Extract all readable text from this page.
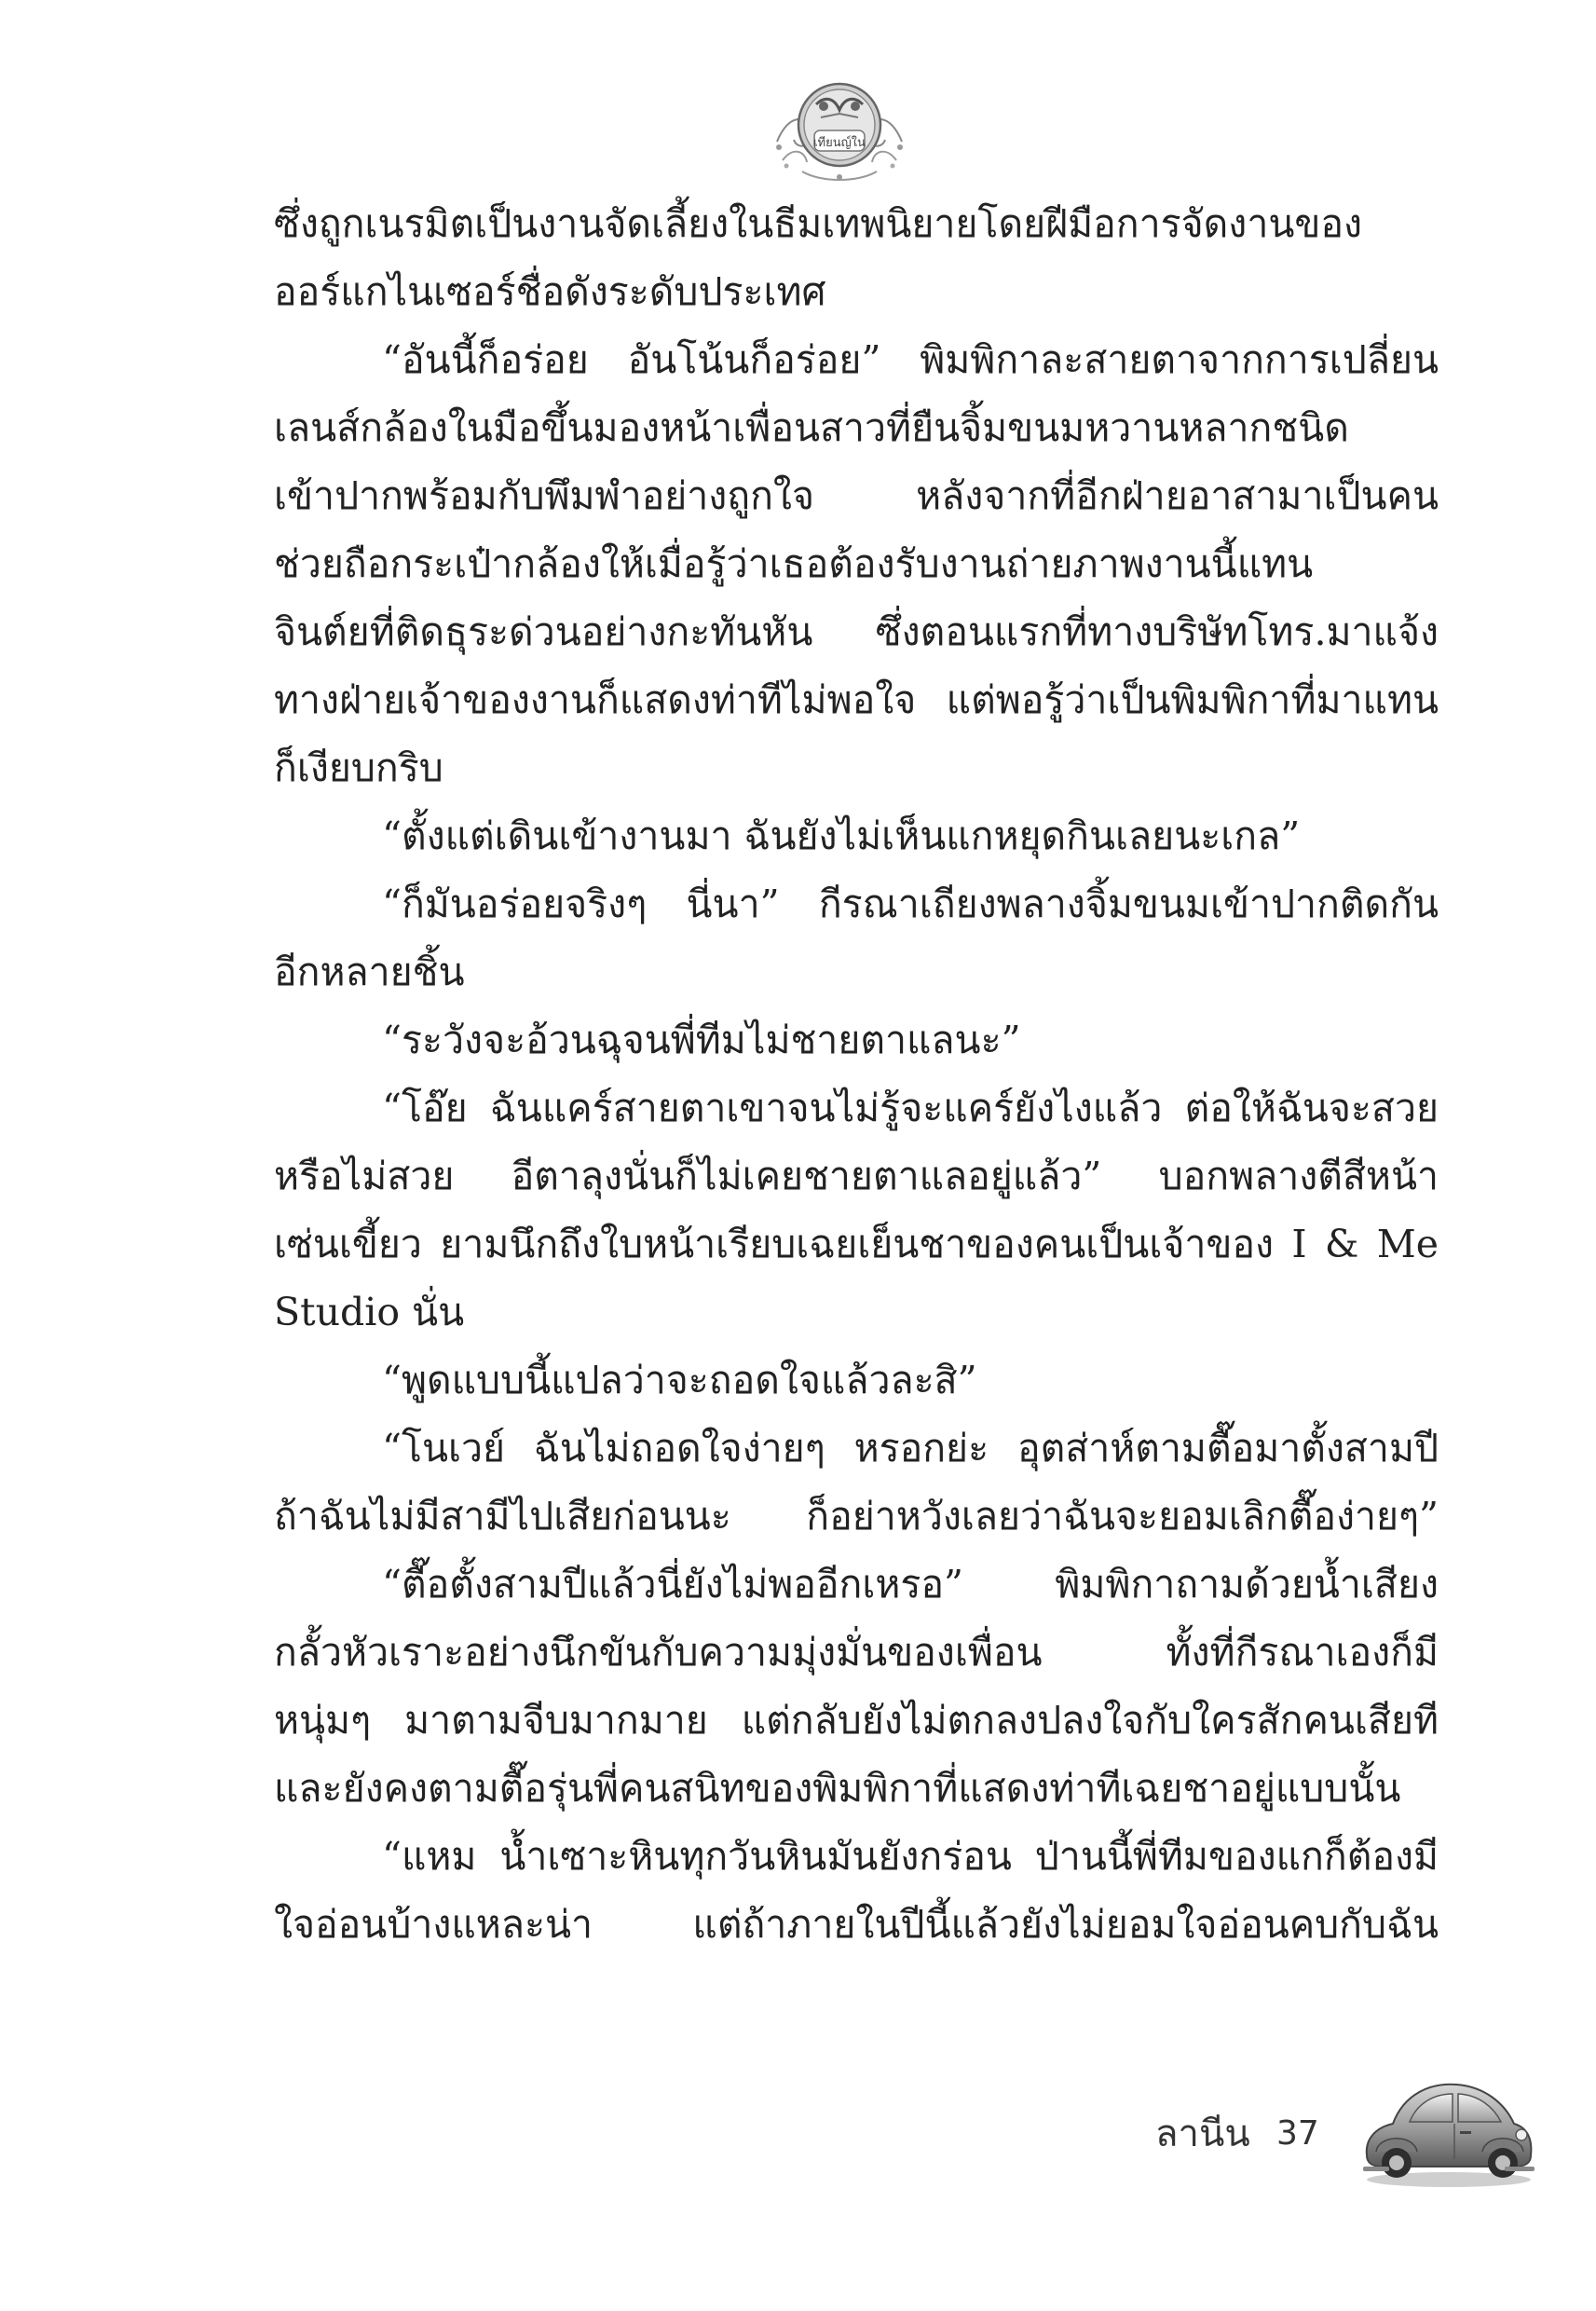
เทียนญ์ใน
ซึ่งถูกเนรมิตเป็นงานจัดเลี้ยงในธีมเทพนิยายโดยฝีมือการจัดงานของ
ออร์แกไนเซอร์ชื่อดังระดับประเทศ
“อันนี้ก็อร่อย อันโน้นก็อร่อย” พิมพิกาละสายตาจากการเปลี่ยน
เลนส์กล้องในมือขึ้นมองหน้าเพื่อนสาวที่ยืนจิ้มขนมหวานหลากชนิด
เข้าปากพร้อมกับพึมพำอย่างถูกใจ หลังจากที่อีกฝ่ายอาสามาเป็นคน
ช่วยถือกระเป๋ากล้องให้เมื่อรู้ว่าเธอต้องรับงานถ่ายภาพงานนี้แทน
จินต์ยที่ติดธุระด่วนอย่างกะทันหัน ซึ่งตอนแรกที่ทางบริษัทโทร.มาแจ้ง
ทางฝ่ายเจ้าของงานก็แสดงท่าทีไม่พอใจ แต่พอรู้ว่าเป็นพิมพิกาที่มาแทน
ก็เงียบกริบ
“ตั้งแต่เดินเข้างานมา ฉันยังไม่เห็นแกหยุดกินเลยนะเกล”
“ก็มันอร่อยจริงๆ นี่นา” กีรณาเถียงพลางจิ้มขนมเข้าปากติดกัน
อีกหลายชิ้น
“ระวังจะอ้วนฉุจนพี่ทีมไม่ชายตาแลนะ”
“โอ๊ย ฉันแคร์สายตาเขาจนไม่รู้จะแคร์ยังไงแล้ว ต่อให้ฉันจะสวย
หรือไม่สวย อีตาลุงนั่นก็ไม่เคยชายตาแลอยู่แล้ว” บอกพลางตีสีหน้า
เซ่นเขี้ยว ยามนึกถึงใบหน้าเรียบเฉยเย็นชาของคนเป็นเจ้าของ I & Me
Studio นั่น
“พูดแบบนี้แปลว่าจะถอดใจแล้วละสิ”
“โนเวย์ ฉันไม่ถอดใจง่ายๆ หรอกย่ะ อุตส่าห์ตามตื๊อมาตั้งสามปี
ถ้าฉันไม่มีสามีไปเสียก่อนนะ ก็อย่าหวังเลยว่าฉันจะยอมเลิกตื๊อง่ายๆ”
“ตื๊อตั้งสามปีแล้วนี่ยังไม่พออีกเหรอ” พิมพิกาถามด้วยน้ำเสียง
กลั้วหัวเราะอย่างนึกขันกับความมุ่งมั่นของเพื่อน ทั้งที่กีรณาเองก็มี
หนุ่มๆ มาตามจีบมากมาย แต่กลับยังไม่ตกลงปลงใจกับใครสักคนเสียที
และยังคงตามตื๊อรุ่นพี่คนสนิทของพิมพิกาที่แสดงท่าทีเฉยชาอยู่แบบนั้น
“แหม น้ำเซาะหินทุกวันหินมันยังกร่อน ป่านนี้พี่ทีมของแกก็ต้องมี
ใจอ่อนบ้างแหละน่า แต่ถ้าภายในปีนี้แล้วยังไม่ยอมใจอ่อนคบกับฉัน
ลานีน 37
